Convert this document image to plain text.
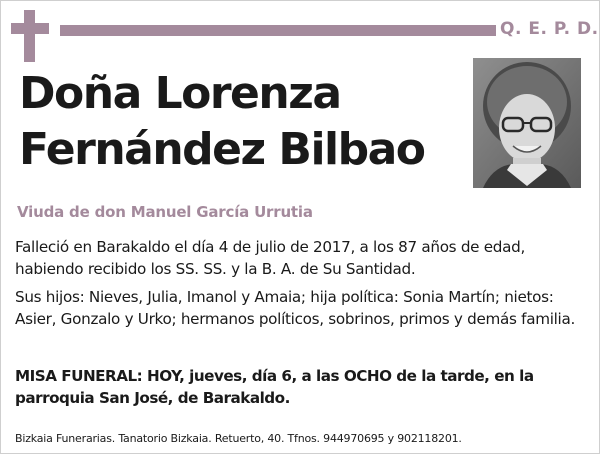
Q. E. P. D.
Doña Lorenza
Fernández Bilbao
Viuda de don Manuel García Urrutia
Falleció en Barakaldo el día 4 de julio de 2017, a los 87 años de edad, habiendo recibido los SS. SS. y la B. A. de Su Santidad.
Sus hijos: Nieves, Julia, Imanol y Amaia; hija política: Sonia Martín; nietos: Asier, Gonzalo y Urko; hermanos políticos, sobrinos, primos y demás familia.
MISA FUNERAL: HOY, jueves, día 6, a las OCHO de la tarde, en la parroquia San José, de Barakaldo.
Bizkaia Funerarias. Tanatorio Bizkaia. Retuerto, 40. Tfnos. 944970695 y 902118201.
